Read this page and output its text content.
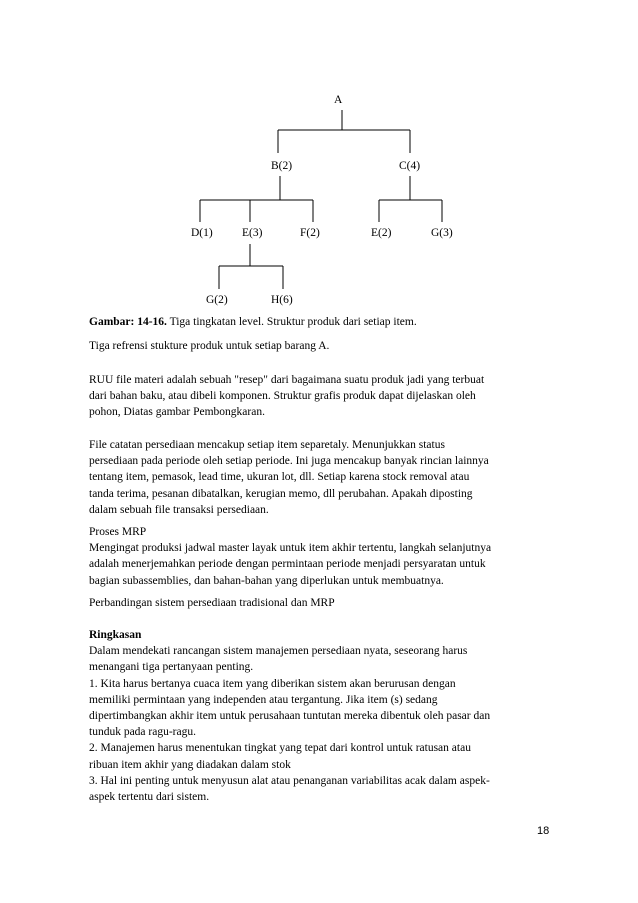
A
B(2)	C(4)
D(1)	E(3)	F(2)	E(2)	G(3)
G(2)	H(6)

Gambar: 14-16. Tiga tingkatan level. Struktur produk dari setiap item.

Tiga refrensi stukture produk untuk setiap barang A.

RUU file materi adalah sebuah "resep" dari bagaimana suatu produk jadi yang terbuat

dari bahan baku, atau dibeli komponen. Struktur grafis produk dapat dijelaskan oleh

pohon, Diatas gambar Pembongkaran.

File catatan persediaan mencakup setiap item separetaly. Menunjukkan status

persediaan pada periode oleh setiap periode. Ini juga mencakup banyak rincian lainnya

tentang item, pemasok, lead time, ukuran lot, dll. Setiap karena stock removal atau

tanda terima, pesanan dibatalkan, kerugian memo, dll perubahan. Apakah diposting

dalam sebuah file transaksi persediaan.

Proses MRP

Mengingat produksi jadwal master layak untuk item akhir tertentu, langkah selanjutnya

adalah menerjemahkan periode dengan permintaan periode menjadi persyaratan untuk

bagian subassemblies, dan bahan-bahan yang diperlukan untuk membuatnya.

Perbandingan sistem persediaan tradisional dan MRP

Ringkasan

Dalam mendekati rancangan sistem manajemen persediaan nyata, seseorang harus

menangani tiga pertanyaan penting.

1. Kita harus bertanya cuaca item yang diberikan sistem akan berurusan dengan

memiliki permintaan yang independen atau tergantung. Jika item (s) sedang

dipertimbangkan akhir item untuk perusahaan tuntutan mereka dibentuk oleh pasar dan

tunduk pada ragu-ragu.

2. Manajemen harus menentukan tingkat yang tepat dari kontrol untuk ratusan atau

ribuan item akhir yang diadakan dalam stok

3. Hal ini penting untuk menyusun alat atau penanganan variabilitas acak dalam aspek-

aspek tertentu dari sistem.

18
